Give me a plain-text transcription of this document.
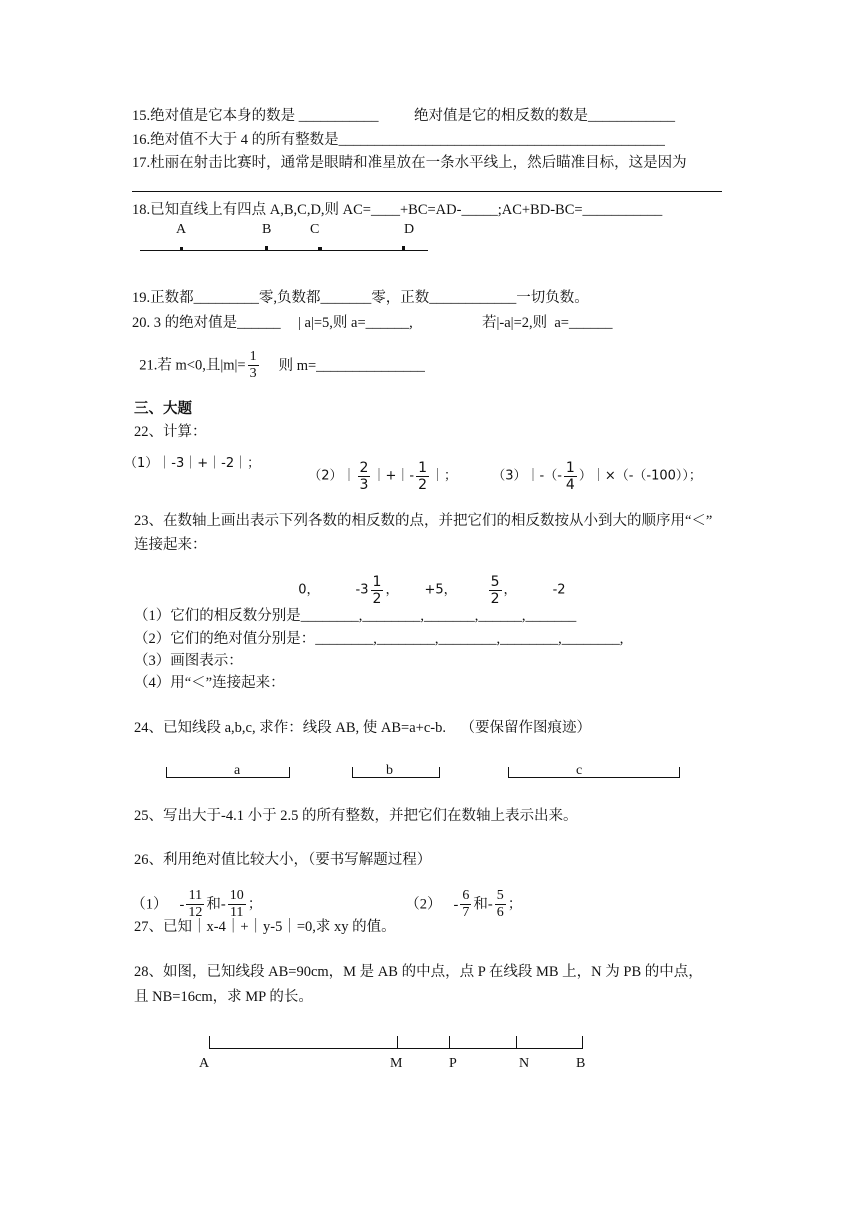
15.绝对值是它本身的数是 ___________ 绝对值是它的相反数的数是____________
16.绝对值不大于 4 的所有整数是_____________________________________________
17.杜丽在射击比赛时，通常是眼睛和准星放在一条水平线上，然后瞄准目标，这是因为
18.已知直线上有四点 A,B,C,D,则 AC=____+BC=AD-_____;AC+BD-BC=___________
A	B	C	D
19.正数都_________零,负数都_______零，正数____________一切负数。
20. 3 的绝对值是______ | a|=5,则 a=______,	若|-a|=2,则  a=______

21.若 m<0,且$|m|= \frac{1}{3}$ 则 m=_______________

三、大题
22、计算：
（1）｜-3｜+｜-2｜；

（2）｜ $\frac{2}{3}$ ｜+｜- $\frac{1}{2}$ ｜；	（3）｜-（- $\frac{1}{4}$ ）｜×（-（-100））；

23、在数轴上画出表示下列各数的相反数的点，并把它们的相反数按从小到大的顺序用“＜”
连接起来：

0，	$-3 \frac{1}{2}$ ， +5， $\frac{5}{2}$ ，	-2

（1）它们的相反数分别是________,________,_______,______,_______
（2）它们的绝对值分别是：________,________,________,________,________,
（3）画图表示：
（4）用“＜”连接起来：
24、已知线段 a,b,c, 求作：线段 AB, 使 AB=a+c-b.    （要保留作图痕迹）
a	b	c
25、写出大于-4.1 小于 2.5 的所有整数，并把它们在数轴上表示出来。
26、利用绝对值比较大小，（要书写解题过程）

$(1) - \frac{11}{12}$ 和- $\frac{10}{11}$ ；	$(2) - \frac{6}{7}$ 和- $\frac{5}{6}$ ；

27、已知｜x-4｜+｜y-5｜=0,求 xy 的值。
28、如图，已知线段 AB=90cm，M 是 AB 的中点，点 P 在线段 MB 上，N 为 PB 的中点，
且 NB=16cm，求 MP 的长。
A	M	P	N	B
